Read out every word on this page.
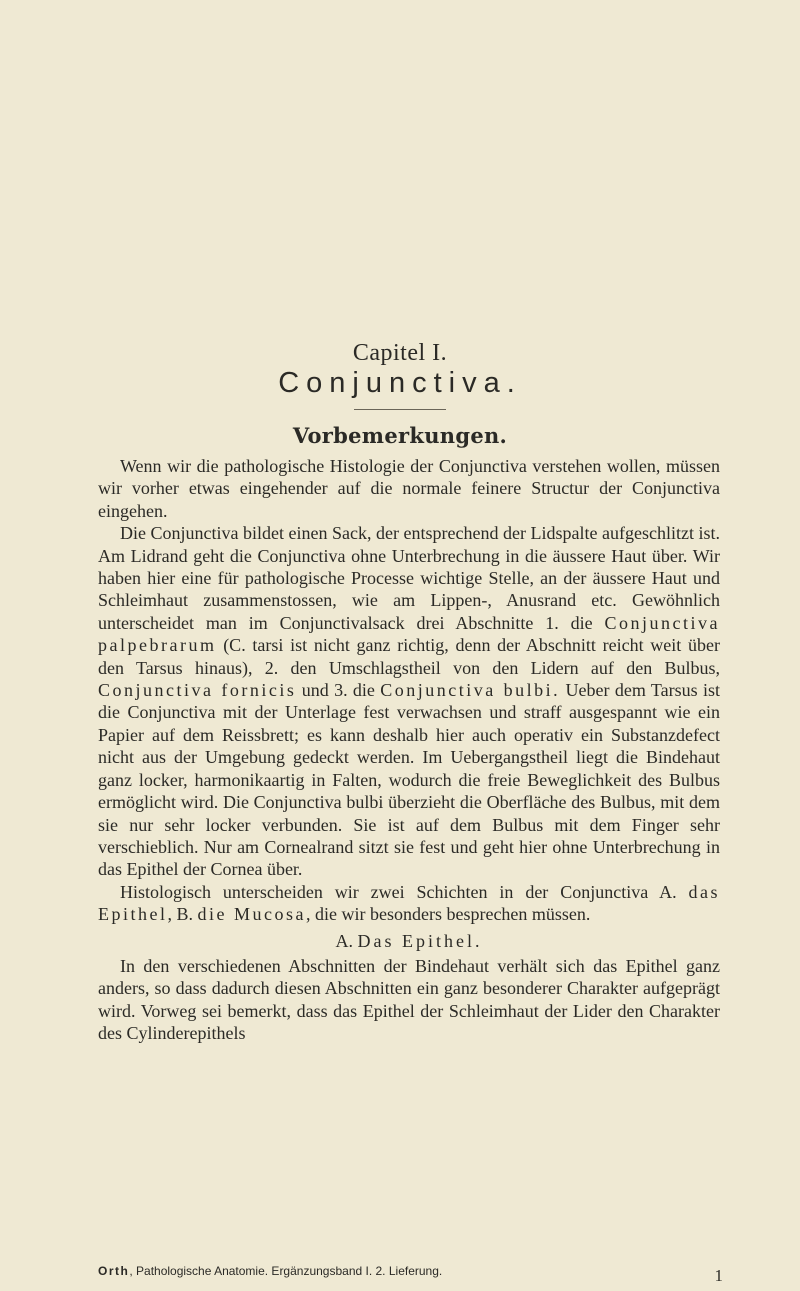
Capitel I.
Conjunctiva.
Vorbemerkungen.

Wenn wir die pathologische Histologie der Conjunctiva verstehen wollen, müssen wir vorher etwas eingehender auf die normale feinere Structur der Conjunctiva eingehen.

Die Conjunctiva bildet einen Sack, der entsprechend der Lidspalte aufgeschlitzt ist. Am Lidrand geht die Conjunctiva ohne Unterbrechung in die äussere Haut über. Wir haben hier eine für pathologische Processe wichtige Stelle, an der äussere Haut und Schleimhaut zusammenstossen, wie am Lippen-, Anusrand etc. Gewöhnlich unterscheidet man im Conjunctivalsack drei Abschnitte 1. die Conjunctiva palpebrarum (C. tarsi ist nicht ganz richtig, denn der Abschnitt reicht weit über den Tarsus hinaus), 2. den Umschlagstheil von den Lidern auf den Bulbus, Conjunctiva fornicis und 3. die Conjunctiva bulbi. Ueber dem Tarsus ist die Conjunctiva mit der Unterlage fest verwachsen und straff ausgespannt wie ein Papier auf dem Reissbrett; es kann deshalb hier auch operativ ein Substanzdefect nicht aus der Umgebung gedeckt werden. Im Uebergangstheil liegt die Bindehaut ganz locker, harmonikaartig in Falten, wodurch die freie Beweglichkeit des Bulbus ermöglicht wird. Die Conjunctiva bulbi überzieht die Oberfläche des Bulbus, mit dem sie nur sehr locker verbunden. Sie ist auf dem Bulbus mit dem Finger sehr verschieblich. Nur am Cornealrand sitzt sie fest und geht hier ohne Unterbrechung in das Epithel der Cornea über.

Histologisch unterscheiden wir zwei Schichten in der Conjunctiva A. das Epithel, B. die Mucosa, die wir besonders besprechen müssen.

A. Das Epithel.

In den verschiedenen Abschnitten der Bindehaut verhält sich das Epithel ganz anders, so dass dadurch diesen Abschnitten ein ganz besonderer Charakter aufgeprägt wird. Vorweg sei bemerkt, dass das Epithel der Schleimhaut der Lider den Charakter des Cylinderepithels

Orth, Pathologische Anatomie. Ergänzungsband I. 2. Lieferung.	1
